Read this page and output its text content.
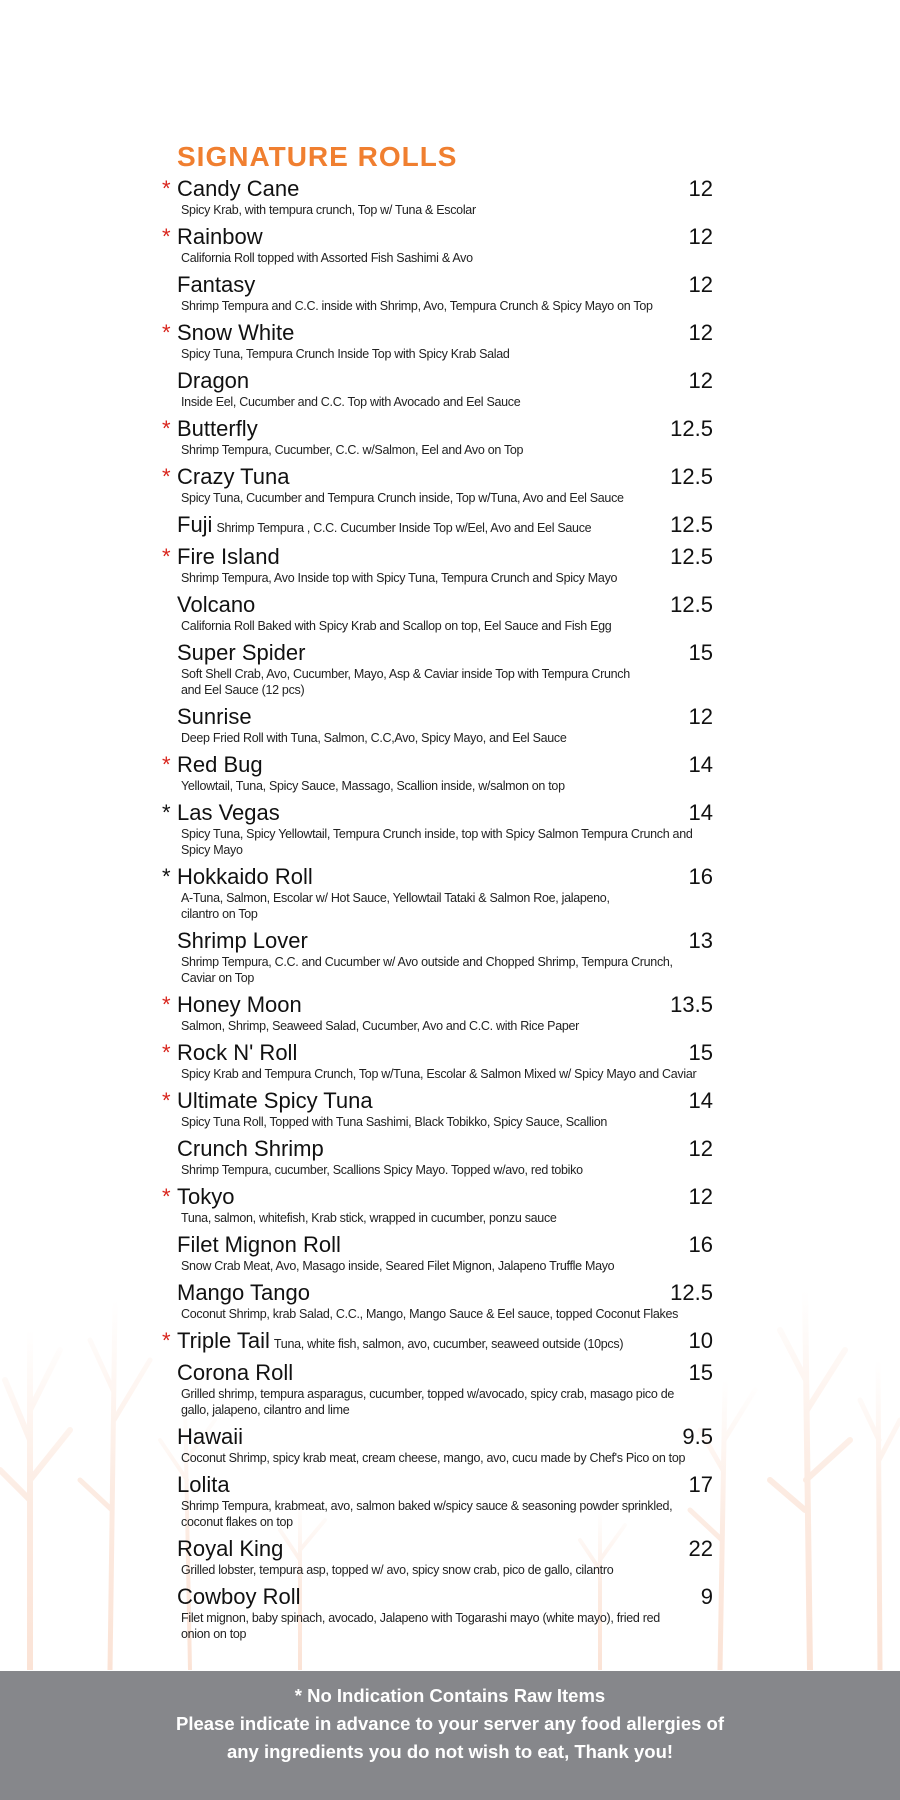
SIGNATURE ROLLS
* Candy Cane	12
Spicy Krab, with tempura crunch, Top w/ Tuna & Escolar
* Rainbow	12
California Roll topped with Assorted Fish Sashimi & Avo
Fantasy	12
Shrimp Tempura and C.C. inside with Shrimp, Avo, Tempura Crunch & Spicy Mayo on Top
* Snow White	12
Spicy Tuna, Tempura Crunch Inside Top with Spicy Krab Salad
Dragon	12
Inside Eel, Cucumber and C.C. Top with Avocado and Eel Sauce
* Butterfly	12.5
Shrimp Tempura, Cucumber, C.C. w/Salmon, Eel and Avo on Top
* Crazy Tuna	12.5
Spicy Tuna, Cucumber and Tempura Crunch inside, Top w/Tuna, Avo and Eel Sauce
Fuji Shrimp Tempura , C.C. Cucumber Inside Top w/Eel, Avo and Eel Sauce	12.5
* Fire Island	12.5
Shrimp Tempura, Avo Inside top with Spicy Tuna, Tempura Crunch and Spicy Mayo
Volcano	12.5
California Roll Baked with Spicy Krab and Scallop on top, Eel Sauce and Fish Egg
Super Spider	15
Soft Shell Crab, Avo, Cucumber, Mayo, Asp & Caviar inside Top with Tempura Crunch
and Eel Sauce (12 pcs)
Sunrise	12
Deep Fried Roll with Tuna, Salmon, C.C,Avo, Spicy Mayo, and Eel Sauce
* Red Bug	14
Yellowtail, Tuna, Spicy Sauce, Massago, Scallion inside, w/salmon on top
* Las Vegas	14
Spicy Tuna, Spicy Yellowtail, Tempura Crunch inside, top with Spicy Salmon Tempura Crunch and
Spicy Mayo
* Hokkaido Roll	16
A-Tuna, Salmon, Escolar w/ Hot Sauce, Yellowtail Tataki & Salmon Roe, jalapeno,
cilantro on Top
Shrimp Lover	13
Shrimp Tempura, C.C. and Cucumber w/ Avo outside and Chopped Shrimp, Tempura Crunch,
Caviar on Top
* Honey Moon	13.5
Salmon, Shrimp, Seaweed Salad, Cucumber, Avo and C.C. with Rice Paper
* Rock N' Roll	15
Spicy Krab and Tempura Crunch, Top w/Tuna, Escolar & Salmon Mixed w/ Spicy Mayo and Caviar
* Ultimate Spicy Tuna	14
Spicy Tuna Roll, Topped with Tuna Sashimi, Black Tobikko, Spicy Sauce, Scallion
Crunch Shrimp	12
Shrimp Tempura, cucumber, Scallions Spicy Mayo. Topped w/avo, red tobiko
* Tokyo	12
Tuna, salmon, whitefish, Krab stick, wrapped in cucumber, ponzu sauce
Filet Mignon Roll	16
Snow Crab Meat, Avo, Masago inside, Seared Filet Mignon, Jalapeno Truffle Mayo
Mango Tango	12.5
Coconut Shrimp, krab Salad, C.C., Mango, Mango Sauce & Eel sauce, topped Coconut Flakes
* Triple Tail Tuna, white fish, salmon, avo, cucumber, seaweed outside (10pcs)	10
Corona Roll	15
Grilled shrimp, tempura asparagus, cucumber, topped w/avocado, spicy crab, masago pico de
gallo, jalapeno, cilantro and lime
Hawaii	9.5
Coconut Shrimp, spicy krab meat, cream cheese, mango, avo, cucu made by Chef's Pico on top
Lolita	17
Shrimp Tempura, krabmeat, avo, salmon baked w/spicy sauce & seasoning powder sprinkled,
coconut flakes on top
Royal King	22
Grilled lobster, tempura asp, topped w/ avo, spicy snow crab, pico de gallo, cilantro
Cowboy Roll	9
Filet mignon, baby spinach, avocado, Jalapeno with Togarashi mayo (white mayo), fried red
onion on top
* No Indication Contains Raw Items
Please indicate in advance to your server any food allergies of
any ingredients you do not wish to eat, Thank you!
